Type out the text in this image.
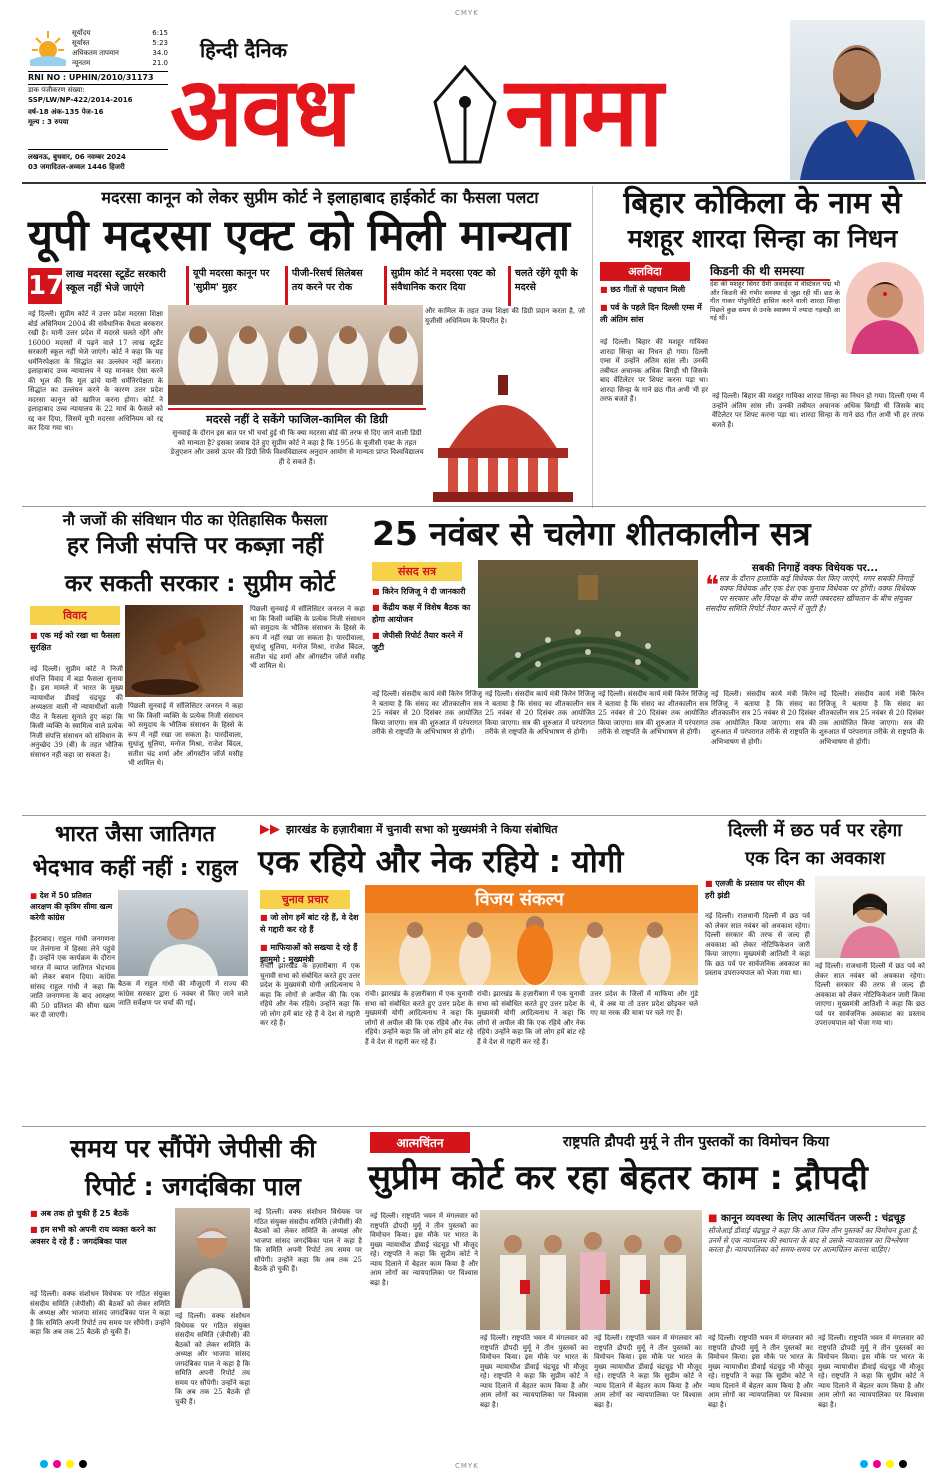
CMYK
सूर्योदय	6:15
सूर्यास्त	5:23
अधिकतम तापमान	34.0
न्यूनतम	21.0
RNI NO : UPHIN/2010/31173
डाक पंजीकरण संख्या:
SSP/LW/NP-422/2014-2016
वर्ष-18 अंक-135 पेज-16
मूल्य : 3 रुपया
लखनऊ, बुधवार, 06 नवम्बर 2024
03 जमादिउल-अव्वल 1446 हिजरी
हिन्दी दैनिक
अवध नामा
मदरसा कानून को लेकर सुप्रीम कोर्ट ने इलाहाबाद हाईकोर्ट का फैसला पलटा
यूपी मदरसा एक्ट को मिली मान्यता
17 लाख मदरसा स्टूडेंट सरकारी स्कूल नहीं भेजे जाएंगे
यूपी मदरसा कानून पर 'सुप्रीम' मुहर
पीजी-रिसर्च सिलेबस तय करने पर रोक
सुप्रीम कोर्ट ने मदरसा एक्ट को संवैधानिक करार दिया
चलते रहेंगे यूपी के मदरसे
नई दिल्ली। सुप्रीम कोर्ट ने उत्तर प्रदेश मदरसा शिक्षा बोर्ड अधिनियम 2004 की संवैधानिक वैधता बरकरार रखी है। यानी उत्तर प्रदेश में मदरसे चलते रहेंगे और 16000 मदरसों में पढ़ने वाले 17 लाख स्टूडेंट सरकारी स्कूल नहीं भेजे जाएंगे। कोर्ट ने कहा कि यह धर्मनिरपेक्षता के सिद्धांत का उल्लंघन नहीं करता। इलाहाबाद उच्च न्यायालय ने यह मानकर ऐसा करने की भूल की कि मूल ढांचे यानी धर्मनिरपेक्षता के सिद्धांत का उल्लंघन करने के कारण उत्तर प्रदेश मदरसा कानून को खारिज करना होगा। कोर्ट ने इलाहाबाद उच्च न्यायालय के 22 मार्च के फैसले को रद्द कर दिया, जिसमें यूपी मदरसा अधिनियम को रद्द कर दिया गया था।
और कामिल के तहत उच्च शिक्षा की डिग्री प्रदान करता है, जो यूजीसी अधिनियम के विपरीत है।
मदरसे नहीं दे सकेंगे फाजिल-कामिल की डिग्री
सुनवाई के दौरान इस बात पर भी चर्चा हुई थी कि क्या मदरसा बोर्ड की तरफ से दिए जाने वाली डिग्री को मान्यता है? इसका जवाब देते हुए सुप्रीम कोर्ट ने कहा है कि 1956 के यूजीसी एक्ट के तहत डेजुएशन और उससे ऊपर की डिग्री सिर्फ विश्वविद्यालय अनुदान आयोग से मान्यता प्राप्त विश्वविद्यालय ही दे सकते हैं।
बिहार कोकिला के नाम से
मशहूर शारदा सिन्हा का निधन
अलविदा
■ छठ गीतों से पहचान मिली
■ पर्व के पहले दिन दिल्ली एम्स में ली अंतिम सांस
किडनी की थी समस्या
देश की मशहूर सिंगर ग्रैमी अवार्ड्स में वेस्टिवल पद्म भी और किडनी की गंभीर समस्या से जूझ रही थीं। छठ के गीत गाकर पॉपुलैरिटी हासिल करने वाली शारदा सिन्हा पिछले कुछ समय से उनके स्वास्थ्य में ज्यादा गड़बड़ी आ गई थीं।
नई दिल्ली। बिहार की मशहूर गायिका शारदा सिन्हा का निधन हो गया। दिल्ली एम्स में उन्होंने अंतिम सांस ली। उनकी तबीयत अचानक अधिक बिगड़ी थी जिसके बाद वेंटिलेटर पर शिफ्ट करना पड़ा था। शारदा सिन्हा के गाने छठ गीत अभी भी हर तरफ बजते हैं।	नई दिल्ली। बिहार की मशहूर गायिका शारदा सिन्हा का निधन हो गया। दिल्ली एम्स में उन्होंने अंतिम सांस ली। उनकी तबीयत अचानक अधिक बिगड़ी थी जिसके बाद वेंटिलेटर पर शिफ्ट करना पड़ा था। शारदा सिन्हा के गाने छठ गीत अभी भी हर तरफ बजते हैं।
नौ जजों की संविधान पीठ का ऐतिहासिक फैसला
हर निजी संपत्ति पर कब्ज़ा नहीं
कर सकती सरकार : सुप्रीम कोर्ट
विवाद
■ एक मई को रखा था फैसला सुरक्षित
नई दिल्ली। सुप्रीम कोर्ट ने निजी संपत्ति विवाद में बड़ा फैसला सुनाया है। इस मामले में भारत के मुख्य न्यायाधीश डीवाई चंद्रचूड़ की अध्यक्षता वाली नौ न्यायाधीशों वाली पीठ ने फैसला सुनाते हुए कहा कि किसी व्यक्ति के स्वामित्व वाले प्रत्येक निजी संपत्ति संसाधन को संविधान के अनुच्छेद 39 (बी) के तहत भौतिक संसाधन नहीं कहा जा सकता है।
पिछली सुनवाई में सॉलिसिटर जनरल ने कहा था कि किसी व्यक्ति के प्रत्येक निजी संसाधन को समुदाय के भौतिक संसाधन के हिस्से के रूप में नहीं रखा जा सकता है। पारदीवाला, सुधांशु धूलिया, मनोज मिश्रा, राजेश बिंदल, सतीश चंद्र शर्मा और ऑगस्टीन जॉर्ज मसीह भी शामिल थे।
पिछली सुनवाई में सॉलिसिटर जनरल ने कहा था कि किसी व्यक्ति के प्रत्येक निजी संसाधन को समुदाय के भौतिक संसाधन के हिस्से के रूप में नहीं रखा जा सकता है। पारदीवाला, सुधांशु धूलिया, मनोज मिश्रा, राजेश बिंदल, सतीश चंद्र शर्मा और ऑगस्टीन जॉर्ज मसीह भी शामिल थे।
25 नवंबर से चलेगा शीतकालीन सत्र
संसद सत्र
■ किरेन रिजिजू ने दी जानकारी
■ केंद्रीय कक्ष में विशेष बैठक का होगा आयोजन
■ जेपीसी रिपोर्ट तैयार करने में जुटी
सबकी निगाहें वक्फ विधेयक पर...
❝ सत्र के दौरान हालांकि कई विधेयक पेश किए जाएंगे, मगर सबकी निगाहें वक्फ विधेयक और एक देश एक चुनाव विधेयक पर होंगी। वक्फ विधेयक पर सरकार और विपक्ष के बीच जारी जबरदस्त खींचतान के बीच संयुक्त संसदीय समिति रिपोर्ट तैयार करने में जुटी है।
नई दिल्ली। संसदीय कार्य मंत्री किरेन रिजिजू ने बताया है कि संसद का शीतकालीन सत्र 25 नवंबर से 20 दिसंबर तक आयोजित किया जाएगा। सत्र की शुरुआत में परंपरागत तरीके से राष्ट्रपति के अभिभाषण से होगी।
नई दिल्ली। संसदीय कार्य मंत्री किरेन रिजिजू ने बताया है कि संसद का शीतकालीन सत्र 25 नवंबर से 20 दिसंबर तक आयोजित किया जाएगा। सत्र की शुरुआत में परंपरागत तरीके से राष्ट्रपति के अभिभाषण से होगी।
नई दिल्ली। संसदीय कार्य मंत्री किरेन रिजिजू ने बताया है कि संसद का शीतकालीन सत्र 25 नवंबर से 20 दिसंबर तक आयोजित किया जाएगा। सत्र की शुरुआत में परंपरागत तरीके से राष्ट्रपति के अभिभाषण से होगी।
नई दिल्ली। संसदीय कार्य मंत्री किरेन रिजिजू ने बताया है कि संसद का शीतकालीन सत्र 25 नवंबर से 20 दिसंबर तक आयोजित किया जाएगा। सत्र की शुरुआत में परंपरागत तरीके से राष्ट्रपति के अभिभाषण से होगी।
नई दिल्ली। संसदीय कार्य मंत्री किरेन रिजिजू ने बताया है कि संसद का शीतकालीन सत्र 25 नवंबर से 20 दिसंबर तक आयोजित किया जाएगा। सत्र की शुरुआत में परंपरागत तरीके से राष्ट्रपति के अभिभाषण से होगी।
भारत जैसा जातिगत
भेदभाव कहीं नहीं : राहुल
■ देश में 50 प्रतिशत आरक्षण की कृत्रिम सीमा खत्म करेगी कांग्रेस
हैदराबाद। राहुल गांधी जनगणना पर तेलंगाना में हिस्सा लेने पहुंचे हैं। उन्होंने एक कार्यक्रम के दौरान भारत में व्याप्त जातिगत भेदभाव को लेकर बयान दिया। कांग्रेस सांसद राहुल गांधी ने कहा कि जाति जनगणना के बाद आरक्षण की 50 प्रतिशत की सीमा खत्म कर दी जाएगी।
बैठक में राहुल गांधी की मौजूदगी में राज्य की कांग्रेस सरकार द्वारा 6 नवंबर से किए जाने वाले जाति सर्वेक्षण पर चर्चा की गई।
▶▶ झारखंड के हज़ारीबाग़ में चुनावी सभा को मुख्यमंत्री ने किया संबोधित
एक रहिये और नेक रहिये : योगी
चुनाव प्रचार
■ जो लोग हमें बांट रहे हैं, वे देश से गद्दारी कर रहे हैं
■ माफियाओं को सख्त्या दे रहे हैं झामुमो : मुख्यमंत्री
विजय संकल्प
रांची। झारखंड के हज़ारीबाग़ में एक चुनावी सभा को संबोधित करते हुए उत्तर प्रदेश के मुख्यमंत्री योगी आदित्यनाथ ने कहा कि लोगों से अपील की कि एक रहिये और नेक रहिये। उन्होंने कहा कि जो लोग हमें बांट रहे हैं वे देश से गद्दारी कर रहे हैं।
रांची। झारखंड के हज़ारीबाग़ में एक चुनावी सभा को संबोधित करते हुए उत्तर प्रदेश के मुख्यमंत्री योगी आदित्यनाथ ने कहा कि लोगों से अपील की कि एक रहिये और नेक रहिये। उन्होंने कहा कि जो लोग हमें बांट रहे हैं वे देश से गद्दारी कर रहे हैं।
रांची। झारखंड के हज़ारीबाग़ में एक चुनावी सभा को संबोधित करते हुए उत्तर प्रदेश के मुख्यमंत्री योगी आदित्यनाथ ने कहा कि लोगों से अपील की कि एक रहिये और नेक रहिये। उन्होंने कहा कि जो लोग हमें बांट रहे हैं वे देश से गद्दारी कर रहे हैं।
उत्तर प्रदेश के जिलों में माफिया और गुंडे थे, वे अब या तो उत्तर प्रदेश छोड़कर चले गए या नरक की यात्रा पर चले गए हैं।
दिल्ली में छठ पर्व पर रहेगा
एक दिन का अवकाश
■ एलजी के प्रस्ताव पर सीएम की हरी झंडी
नई दिल्ली। राजधानी दिल्ली में छठ पर्व को लेकर सात नवंबर को अवकाश रहेगा। दिल्ली सरकार की तरफ से जल्द ही अवकाश को लेकर नोटिफिकेशन जारी किया जाएगा। मुख्यमंत्री आतिशी ने कहा कि छठ पर्व पर सार्वजनिक अवकाश का प्रस्ताव उपराज्यपाल को भेजा गया था।
नई दिल्ली। राजधानी दिल्ली में छठ पर्व को लेकर सात नवंबर को अवकाश रहेगा। दिल्ली सरकार की तरफ से जल्द ही अवकाश को लेकर नोटिफिकेशन जारी किया जाएगा। मुख्यमंत्री आतिशी ने कहा कि छठ पर्व पर सार्वजनिक अवकाश का प्रस्ताव उपराज्यपाल को भेजा गया था।
समय पर सौंपेंगे जेपीसी की
रिपोर्ट : जगदंबिका पाल
■ अब तक हो चुकी हैं 25 बैठकें
■ हम सभी को अपनी राय व्यक्त करने का अवसर दे रहे हैं : जगदंबिका पाल
नई दिल्ली। वक्फ संशोधन विधेयक पर गठित संयुक्त संसदीय समिति (जेपीसी) की बैठकों को लेकर समिति के अध्यक्ष और भाजपा सांसद जगदंबिका पाल ने कहा है कि समिति अपनी रिपोर्ट तय समय पर सौंपेगी। उन्होंने कहा कि अब तक 25 बैठकें हो चुकी हैं।
नई दिल्ली। वक्फ संशोधन विधेयक पर गठित संयुक्त संसदीय समिति (जेपीसी) की बैठकों को लेकर समिति के अध्यक्ष और भाजपा सांसद जगदंबिका पाल ने कहा है कि समिति अपनी रिपोर्ट तय समय पर सौंपेगी। उन्होंने कहा कि अब तक 25 बैठकें हो चुकी हैं।
नई दिल्ली। वक्फ संशोधन विधेयक पर गठित संयुक्त संसदीय समिति (जेपीसी) की बैठकों को लेकर समिति के अध्यक्ष और भाजपा सांसद जगदंबिका पाल ने कहा है कि समिति अपनी रिपोर्ट तय समय पर सौंपेगी। उन्होंने कहा कि अब तक 25 बैठकें हो चुकी हैं।
आत्मचिंतन	राष्ट्रपति द्रौपदी मुर्मू ने तीन पुस्तकों का विमोचन किया
सुप्रीम कोर्ट कर रहा बेहतर काम : द्रौपदी
नई दिल्ली। राष्ट्रपति भवन में मंगलवार को राष्ट्रपति द्रौपदी मुर्मू ने तीन पुस्तकों का विमोचन किया। इस मौके पर भारत के मुख्य न्यायाधीश डीवाई चंद्रचूड़ भी मौजूद रहे। राष्ट्रपति ने कहा कि सुप्रीम कोर्ट ने न्याय दिलाने में बेहतर काम किया है और आम लोगों का न्यायपालिका पर विश्वास बढ़ा है।
नई दिल्ली। राष्ट्रपति भवन में मंगलवार को राष्ट्रपति द्रौपदी मुर्मू ने तीन पुस्तकों का विमोचन किया। इस मौके पर भारत के मुख्य न्यायाधीश डीवाई चंद्रचूड़ भी मौजूद रहे। राष्ट्रपति ने कहा कि सुप्रीम कोर्ट ने न्याय दिलाने में बेहतर काम किया है और आम लोगों का न्यायपालिका पर विश्वास बढ़ा है।
नई दिल्ली। राष्ट्रपति भवन में मंगलवार को राष्ट्रपति द्रौपदी मुर्मू ने तीन पुस्तकों का विमोचन किया। इस मौके पर भारत के मुख्य न्यायाधीश डीवाई चंद्रचूड़ भी मौजूद रहे। राष्ट्रपति ने कहा कि सुप्रीम कोर्ट ने न्याय दिलाने में बेहतर काम किया है और आम लोगों का न्यायपालिका पर विश्वास बढ़ा है।
■ कानून व्यवस्था के लिए आत्मचिंतन जरूरी : चंद्रचूड़
सीजेआई डीवाई चंद्रचूड़ ने कहा कि आज जिन तीन पुस्तकों का विमोचन हुआ है, उनमें से एक न्यायालय की स्थापना के बाद से उसके न्यायशास्त्र का विश्लेषण करता है। न्यायपालिका को समय-समय पर आत्मचिंतन करना चाहिए।
नई दिल्ली। राष्ट्रपति भवन में मंगलवार को राष्ट्रपति द्रौपदी मुर्मू ने तीन पुस्तकों का विमोचन किया। इस मौके पर भारत के मुख्य न्यायाधीश डीवाई चंद्रचूड़ भी मौजूद रहे। राष्ट्रपति ने कहा कि सुप्रीम कोर्ट ने न्याय दिलाने में बेहतर काम किया है और आम लोगों का न्यायपालिका पर विश्वास बढ़ा है।
नई दिल्ली। राष्ट्रपति भवन में मंगलवार को राष्ट्रपति द्रौपदी मुर्मू ने तीन पुस्तकों का विमोचन किया। इस मौके पर भारत के मुख्य न्यायाधीश डीवाई चंद्रचूड़ भी मौजूद रहे। राष्ट्रपति ने कहा कि सुप्रीम कोर्ट ने न्याय दिलाने में बेहतर काम किया है और आम लोगों का न्यायपालिका पर विश्वास बढ़ा है।
CMYK
